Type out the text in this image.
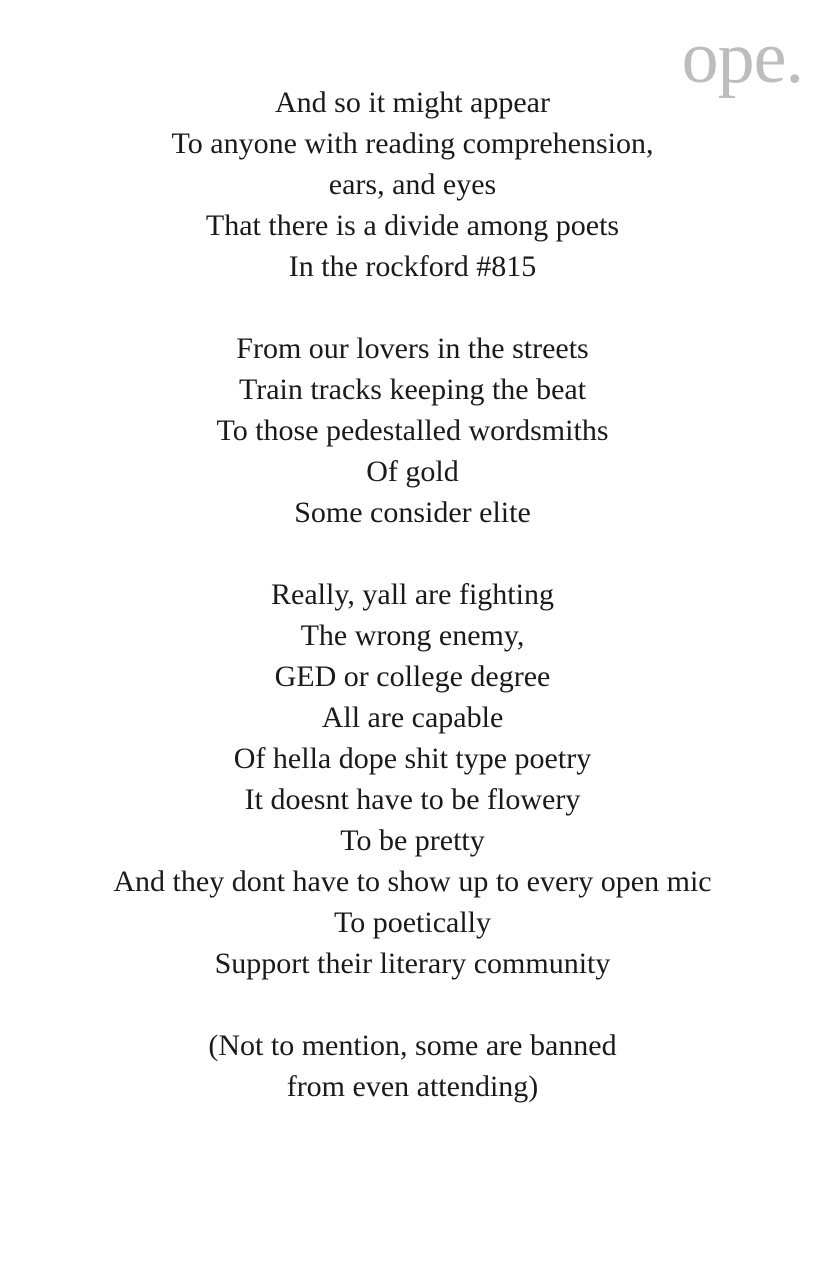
ope.
And so it might appear
To anyone with reading comprehension,
ears, and eyes
That there is a divide among poets
In the rockford #815
From our lovers in the streets
Train tracks keeping the beat
To those pedestalled wordsmiths
Of gold
Some consider elite
Really, yall are fighting
The wrong enemy,
GED or college degree
All are capable
Of hella dope shit type poetry
It doesnt have to be flowery
To be pretty
And they dont have to show up to every open mic
To poetically
Support their literary community
(Not to mention, some are banned
from even attending)
